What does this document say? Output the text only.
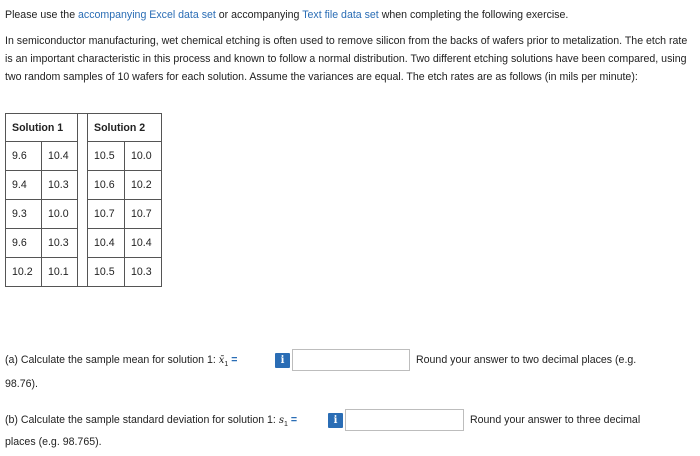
Please use the accompanying Excel data set or accompanying Text file data set when completing the following exercise.
In semiconductor manufacturing, wet chemical etching is often used to remove silicon from the backs of wafers prior to metalization. The etch rate is an important characteristic in this process and known to follow a normal distribution. Two different etching solutions have been compared, using two random samples of 10 wafers for each solution. Assume the variances are equal. The etch rates are as follows (in mils per minute):
Solution 1
9.6	10.4
9.4	10.3
9.3	10.0
9.6	10.3
10.2	10.1

Solution 2
10.5	10.0
10.6	10.2
10.7	10.7
10.4	10.4
10.5	10.3
(a) Calculate the sample mean for solution 1: $x̄_1$ =	i	Round your answer to two decimal places (e.g.
98.76).
(b) Calculate the sample standard deviation for solution 1: $s_1$ =	i	Round your answer to three decimal
places (e.g. 98.765).
